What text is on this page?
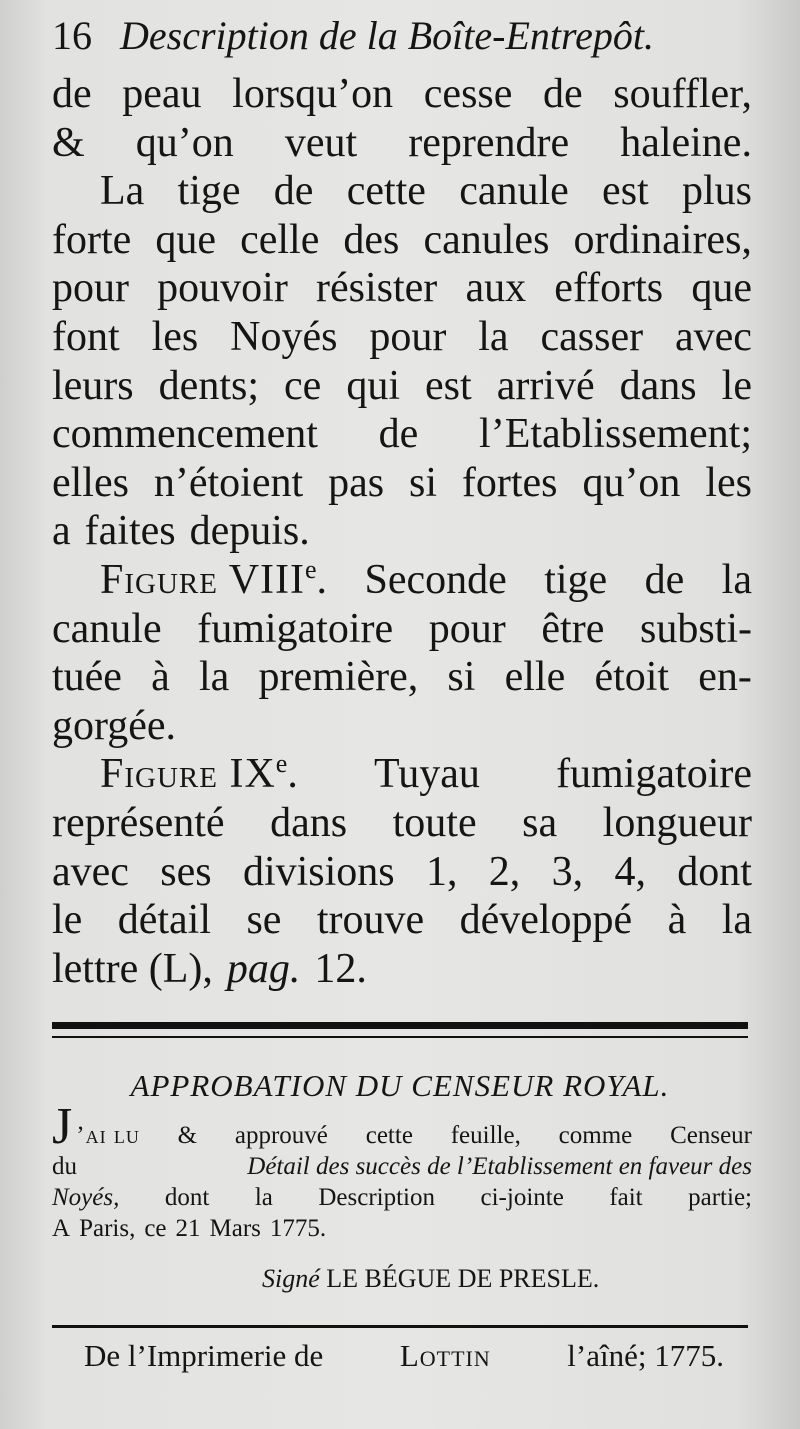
16 Description de la Boîte-Entrepôt.
de peau lorsqu’on cesse de souffler,
& qu’on veut reprendre haleine.
La tige de cette canule est plus
forte que celle des canules ordinaires,
pour pouvoir résister aux efforts que
font les Noyés pour la casser avec
leurs dents; ce qui est arrivé dans le
commencement de l’Etablissement;
elles n’étoient pas si fortes qu’on les
a faites depuis.
Figure VIIIe. Seconde tige de la
canule fumigatoire pour être substi-
tuée à la première, si elle étoit en-
gorgée.
Figure IXe. Tuyau fumigatoire
représenté dans toute sa longueur
avec ses divisions 1, 2, 3, 4, dont
le détail se trouve développé à la
lettre (L), pag. 12.
APPROBATION DU CENSEUR ROYAL.
J ’ai lu & approuvé cette feuille, comme Censeur
du	Détail des succès de l’Etablissement en faveur des
Noyés, dont la Description ci-jointe fait partie;
A Paris, ce 21 Mars 1775.
Signé LE BÉGUE DE PRESLE.
De l’Imprimerie de Lottin l’aîné; 1775.
